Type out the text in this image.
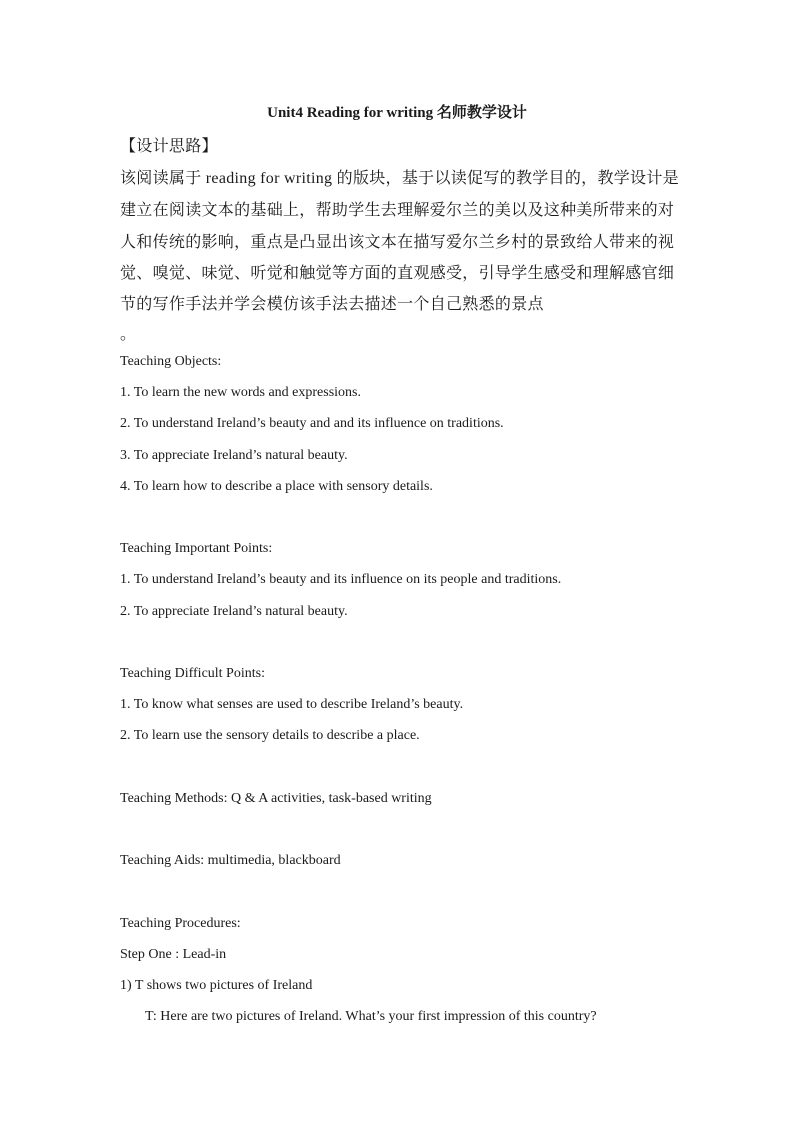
Unit4 Reading for writing 名师教学设计
【设计思路】
该阅读属于 reading for writing 的版块，基于以读促写的教学目的，教学设计是
建立在阅读文本的基础上，帮助学生去理解爱尔兰的美以及这种美所带来的对
人和传统的影响，重点是凸显出该文本在描写爱尔兰乡村的景致给人带来的视
觉、嗅觉、味觉、听觉和触觉等方面的直观感受，引导学生感受和理解感官细
节的写作手法并学会模仿该手法去描述一个自己熟悉的景点
。
Teaching Objects:
1. To learn the new words and expressions.
2. To understand Ireland’s beauty and and its influence on traditions.
3. To appreciate Ireland’s natural beauty.
4. To learn how to describe a place with sensory details.
Teaching Important Points:
1. To understand Ireland’s beauty and its influence on its people and traditions.
2. To appreciate Ireland’s natural beauty.
Teaching Difficult Points:
1. To know what senses are used to describe Ireland’s beauty.
2. To learn use the sensory details to describe a place.
Teaching Methods: Q & A activities, task-based writing
Teaching Aids: multimedia, blackboard
Teaching Procedures:
Step One : Lead-in
1) T shows two pictures of Ireland
T: Here are two pictures of Ireland. What’s your first impression of this country?
